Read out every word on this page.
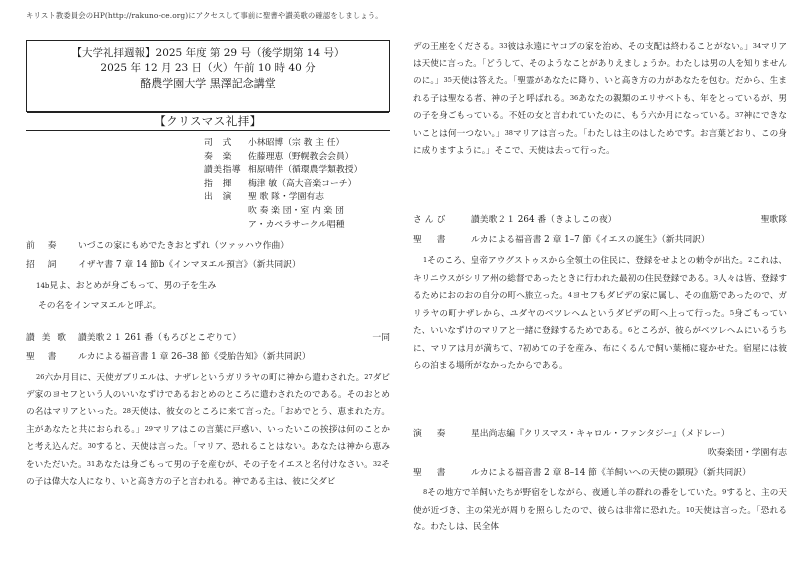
キリスト教委員会のHP(http://rakuno-ce.org)にアクセスして事前に聖書や讃美歌の確認をしましょう。
【大学礼拝週報】2025 年度 第 29 号（後学期第 14 号）
2025 年 12 月 23 日（火）午前 10 時 40 分
酪農学園大学 黒澤記念講堂
【クリスマス礼拝】
司　式	小林昭博（宗 教 主 任）
奏　楽	佐藤理恵（野幌教会会員）
讃美指導 相原晴伴（循環農学類教授）
指　揮	梅津 敏（高大音楽コーチ）
出　演	聖 歌 隊・学園有志
吹 奏 楽 団・室 内 楽 団
ア・カペラサークル唱種
前　奏 いづこの家にもめでたきおとずれ（ツァッハウ作曲）
招　詞 イザヤ書 7 章 14 節b《インマヌエル預言》（新共同訳）
14b見よ、おとめが身ごもって、男の子を生み
その名をインマヌエルと呼ぶ。
讃 美 歌 讃美歌２１ 261 番（もろびとこぞりて）	一同
聖　書 ルカによる福音書 1 章 26–38 節《受胎告知》（新共同訳）

26六か月目に、天使ガブリエルは、ナザレというガリラヤの町に神から遣わされた。27ダビデ家のヨセフという人のいいなずけであるおとめのところに遣わされたのである。そのおとめの名はマリアといった。28天使は、彼女のところに来て言った。「おめでとう、恵まれた方。主があなたと共におられる。」29マリアはこの言葉に戸惑い、いったいこの挨拶は何のことかと考え込んだ。30すると、天使は言った。「マリア、恐れることはない。あなたは神から恵みをいただいた。31あなたは身ごもって男の子を産むが、その子をイエスと名付けなさい。32その子は偉大な人になり、いと高き方の子と言われる。神である主は、彼に父ダビ

デの王座をくださる。33彼は永遠にヤコブの家を治め、その支配は終わることがない。」34マリアは天使に言った。「どうして、そのようなことがありえましょうか。わたしは男の人を知りませんのに。」35天使は答えた。「聖霊があなたに降り、いと高き方の力があなたを包む。だから、生まれる子は聖なる者、神の子と呼ばれる。36あなたの親類のエリサベトも、年をとっているが、男の子を身ごもっている。不妊の女と言われていたのに、もう六か月になっている。37神にできないことは何一つない。」38マリアは言った。「わたしは主のはしためです。お言葉どおり、この身に成りますように。」そこで、天使は去って行った。

さんび	讃美歌２１ 264 番（きよしこの夜）	聖歌隊
聖　書	ルカによる福音書 2 章 1–7 節《イエスの誕生》（新共同訳）

1そのころ、皇帝アウグストゥスから全領土の住民に、登録をせよとの勅令が出た。2これは、キリニウスがシリア州の総督であったときに行われた最初の住民登録である。3人々は皆、登録するためにおのおの自分の町へ旅立った。4ヨセフもダビデの家に属し、その血筋であったので、ガリラヤの町ナザレから、ユダヤのベツレヘムというダビデの町へ上って行った。5身ごもっていた、いいなずけのマリアと一緒に登録するためである。6ところが、彼らがベツレヘムにいるうちに、マリアは月が満ちて、7初めての子を産み、布にくるんで飼い葉桶に寝かせた。宿屋には彼らの泊まる場所がなかったからである。

演　奏	星出尚志編『クリスマス・キャロル・ファンタジー』（メドレー）
吹奏楽団・学園有志
聖　書	ルカによる福音書 2 章 8–14 節《羊飼いへの天使の顕現》（新共同訳）

8その地方で羊飼いたちが野宿をしながら、夜通し羊の群れの番をしていた。9すると、主の天使が近づき、主の栄光が周りを照らしたので、彼らは非常に恐れた。10天使は言った。「恐れるな。わたしは、民全体
